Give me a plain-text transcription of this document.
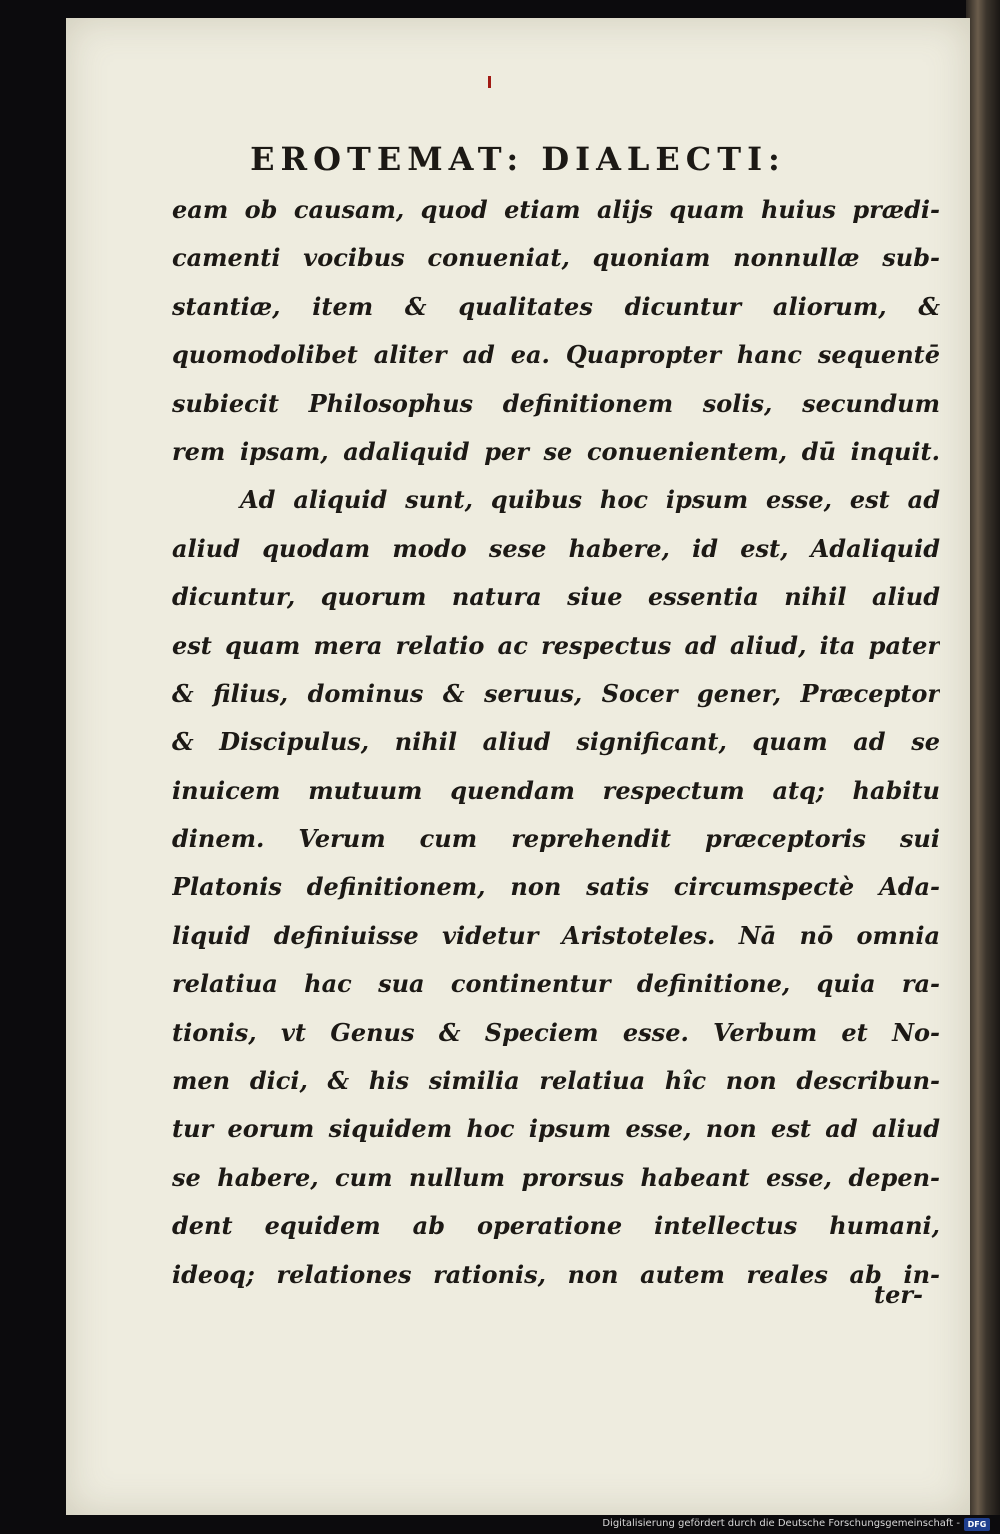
EROTEMAT: DIALECTI:
eam ob causam, quod etiam alijs quam huius prædi-
camenti vocibus conueniat, quoniam nonnullæ sub-
stantiæ, item & qualitates dicuntur aliorum, &
quomodolibet aliter ad ea. Quapropter hanc sequentē
subiecit Philosophus definitionem solis, secundum
rem ipsam, adaliquid per se conuenientem, dū inquit.
Ad aliquid sunt, quibus hoc ipsum esse, est ad
aliud quodam modo sese habere, id est, Adaliquid
dicuntur, quorum natura siue essentia nihil aliud
est quam mera relatio ac respectus ad aliud, ita pater
& filius, dominus & seruus, Socer gener, Præceptor
& Discipulus, nihil aliud significant, quam ad se
inuicem mutuum quendam respectum atq; habitu
dinem. Verum cum reprehendit præceptoris sui
Platonis definitionem, non satis circumspectè Ada-
liquid definiuisse videtur Aristoteles. Nā nō omnia
relatiua hac sua continentur definitione, quia ra-
tionis, vt Genus & Speciem esse. Verbum et No-
men dici, & his similia relatiua hîc non describun-
tur eorum siquidem hoc ipsum esse, non est ad aliud
se habere, cum nullum prorsus habeant esse, depen-
dent equidem ab operatione intellectus humani,
ideoq; relationes rationis, non autem reales ab in-
ter-
Digitalisierung gefördert durch die Deutsche Forschungsgemeinschaft - DFG
